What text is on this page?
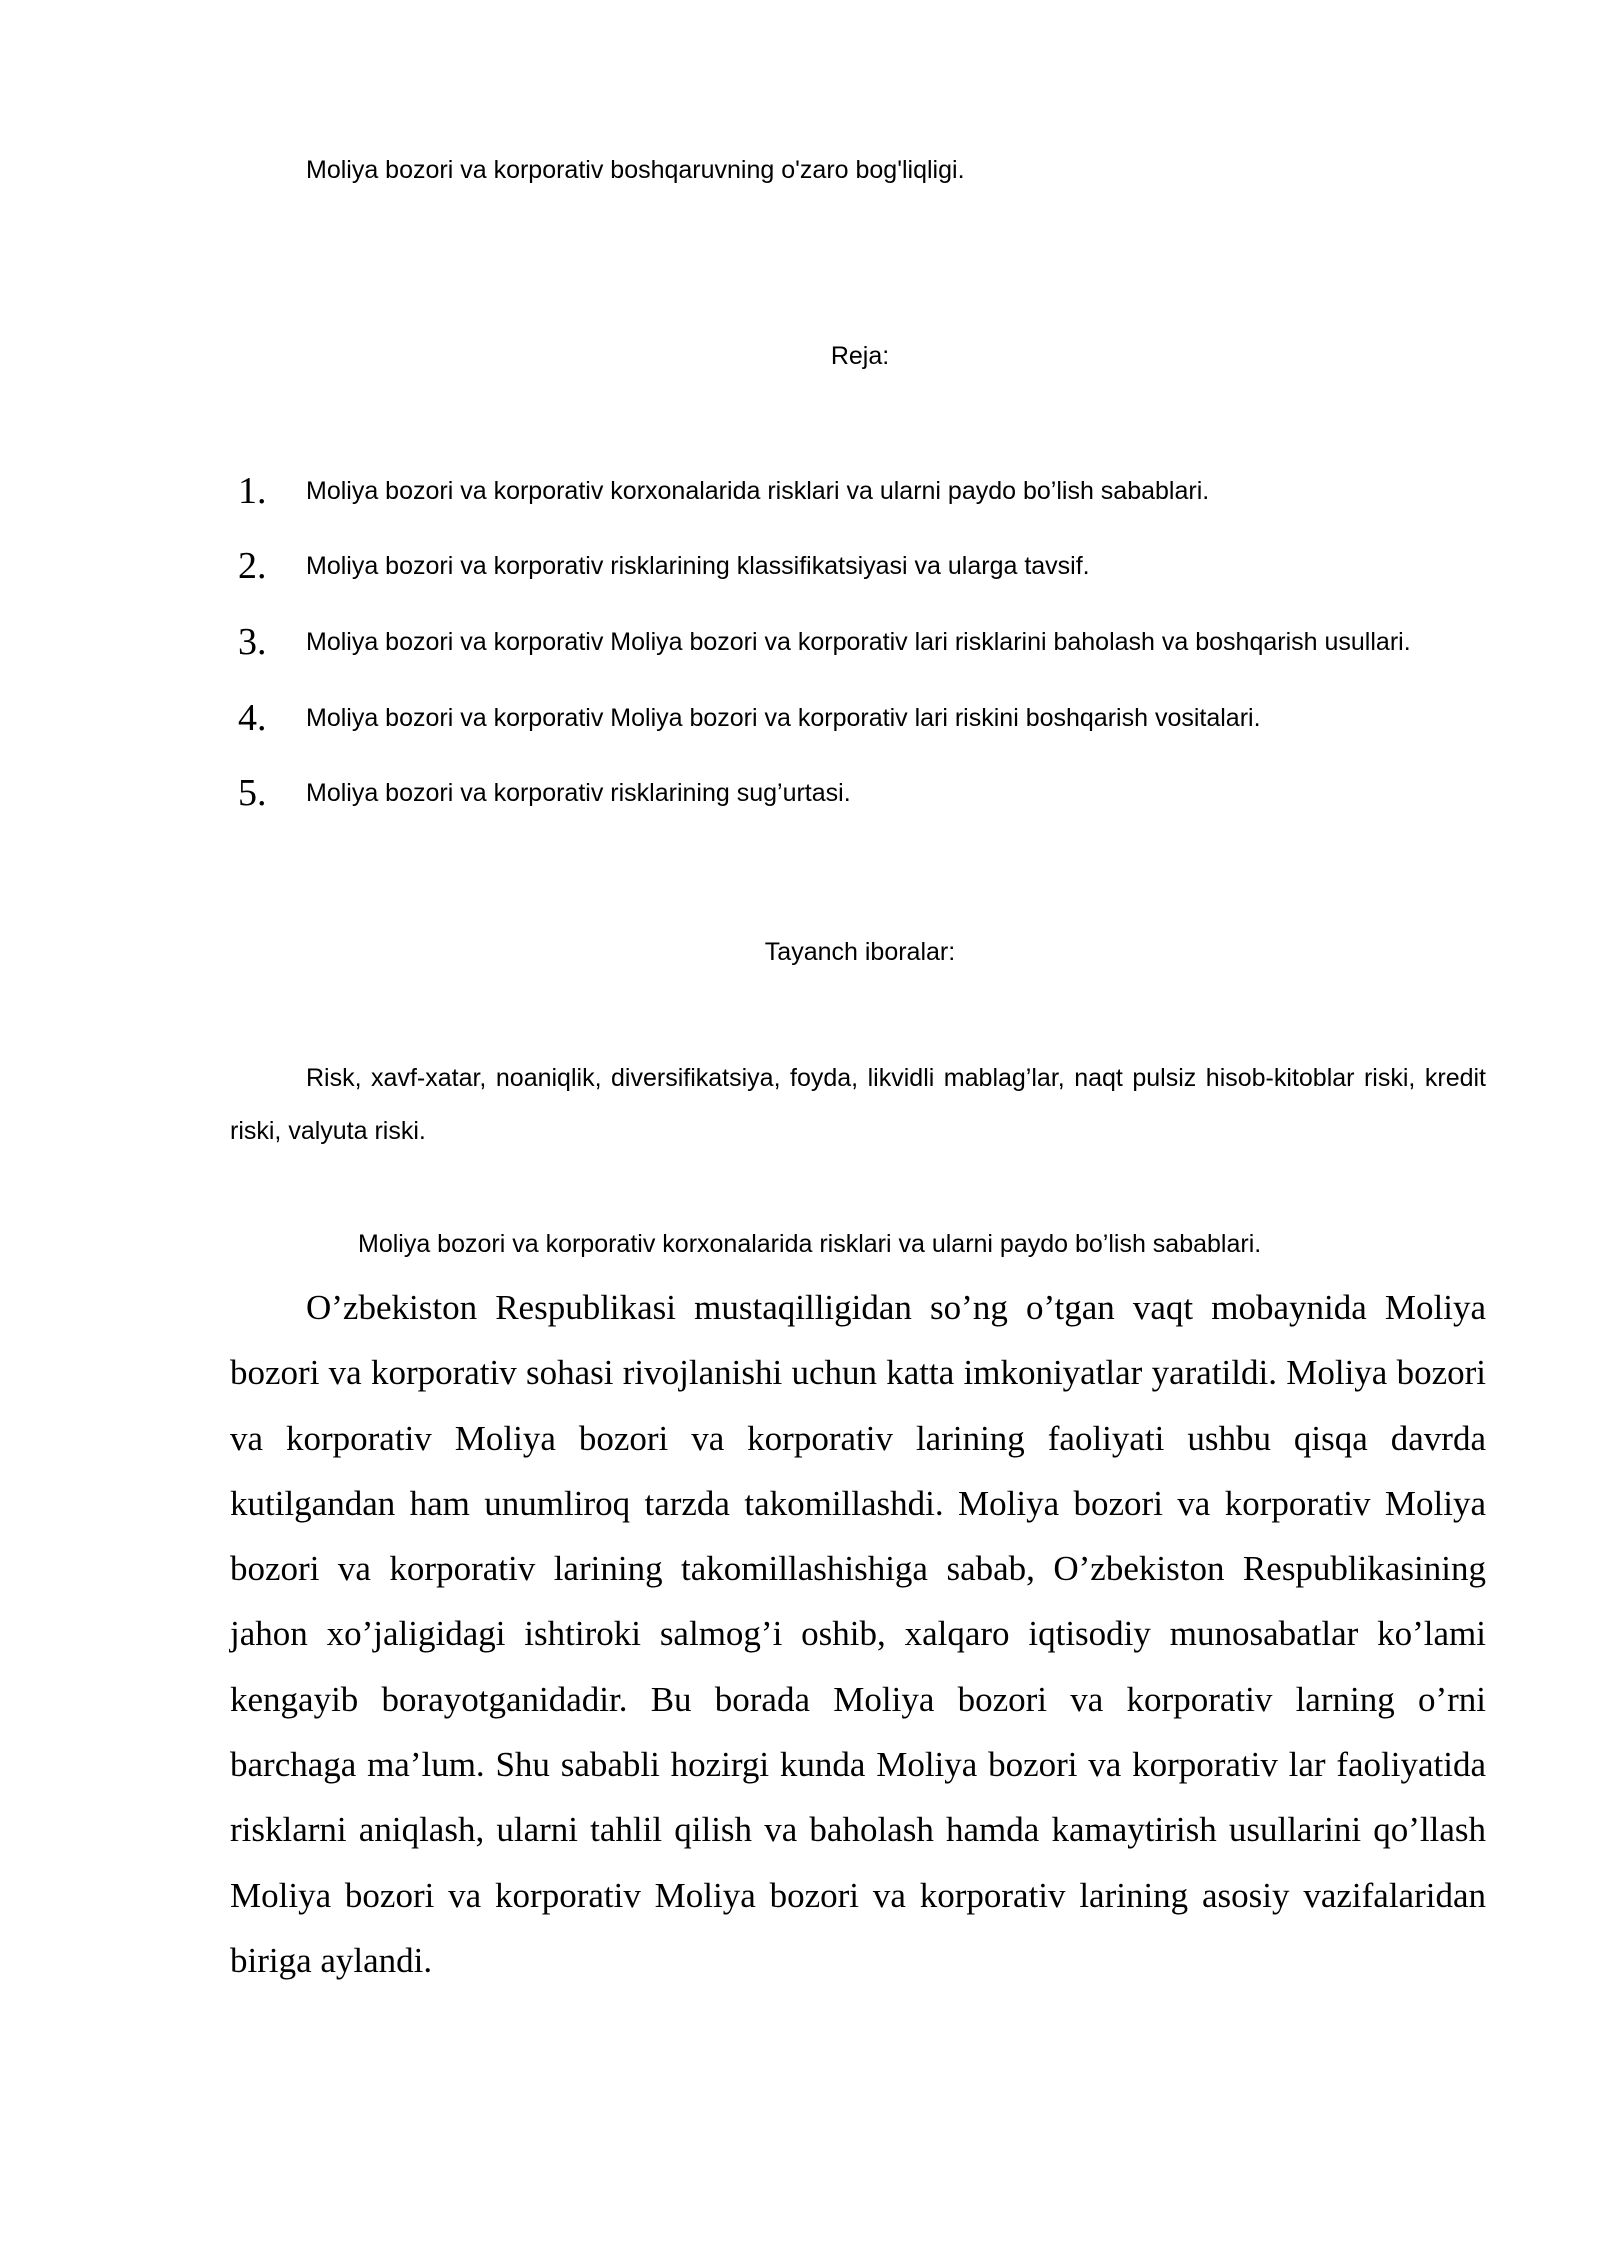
Moliya bozori va korporativ boshqaruvning o'zaro bog'liqligi.
Reja:
1. Moliya bozori va korporativ korxonalarida risklari va ularni paydo bo’lish sabablari.
2. Moliya bozori va korporativ risklarining klassifikatsiyasi va ularga tavsif.
3. Moliya bozori va korporativ Moliya bozori va korporativ lari risklarini baholash va boshqarish usullari.
4. Moliya bozori va korporativ Moliya bozori va korporativ lari riskini boshqarish vositalari.
5. Moliya bozori va korporativ risklarining sug’urtasi.
Tayanch iboralar:
Risk, xavf-xatar, noaniqlik, diversifikatsiya, foyda, likvidli mablag’lar, naqt pulsiz hisob-kitoblar riski, kredit riski, valyuta riski.
Moliya bozori va korporativ korxonalarida risklari va ularni paydo bo’lish sabablari.

O’zbekiston Respublikasi mustaqilligidan so’ng o’tgan vaqt mobaynida Moliya bozori va korporativ sohasi rivojlanishi uchun katta imkoniyatlar yaratildi. Moliya bozori va korporativ Moliya bozori va korporativ larining faoliyati ushbu qisqa davrda kutilgandan ham unumliroq tarzda takomillashdi. Moliya bozori va korporativ Moliya bozori va korporativ larining takomillashishiga sabab, O’zbekiston Respublikasining jahon xo’jaligidagi ishtiroki salmog’i oshib, xalqaro iqtisodiy munosabatlar ko’lami kengayib borayotganidadir. Bu borada Moliya bozori va korporativ larning o’rni barchaga ma’lum. Shu sababli hozirgi kunda Moliya bozori va korporativ lar faoliyatida risklarni aniqlash, ularni tahlil qilish va baholash hamda kamaytirish usullarini qo’llash Moliya bozori va korporativ Moliya bozori va korporativ larining asosiy vazifalaridan biriga aylandi.
